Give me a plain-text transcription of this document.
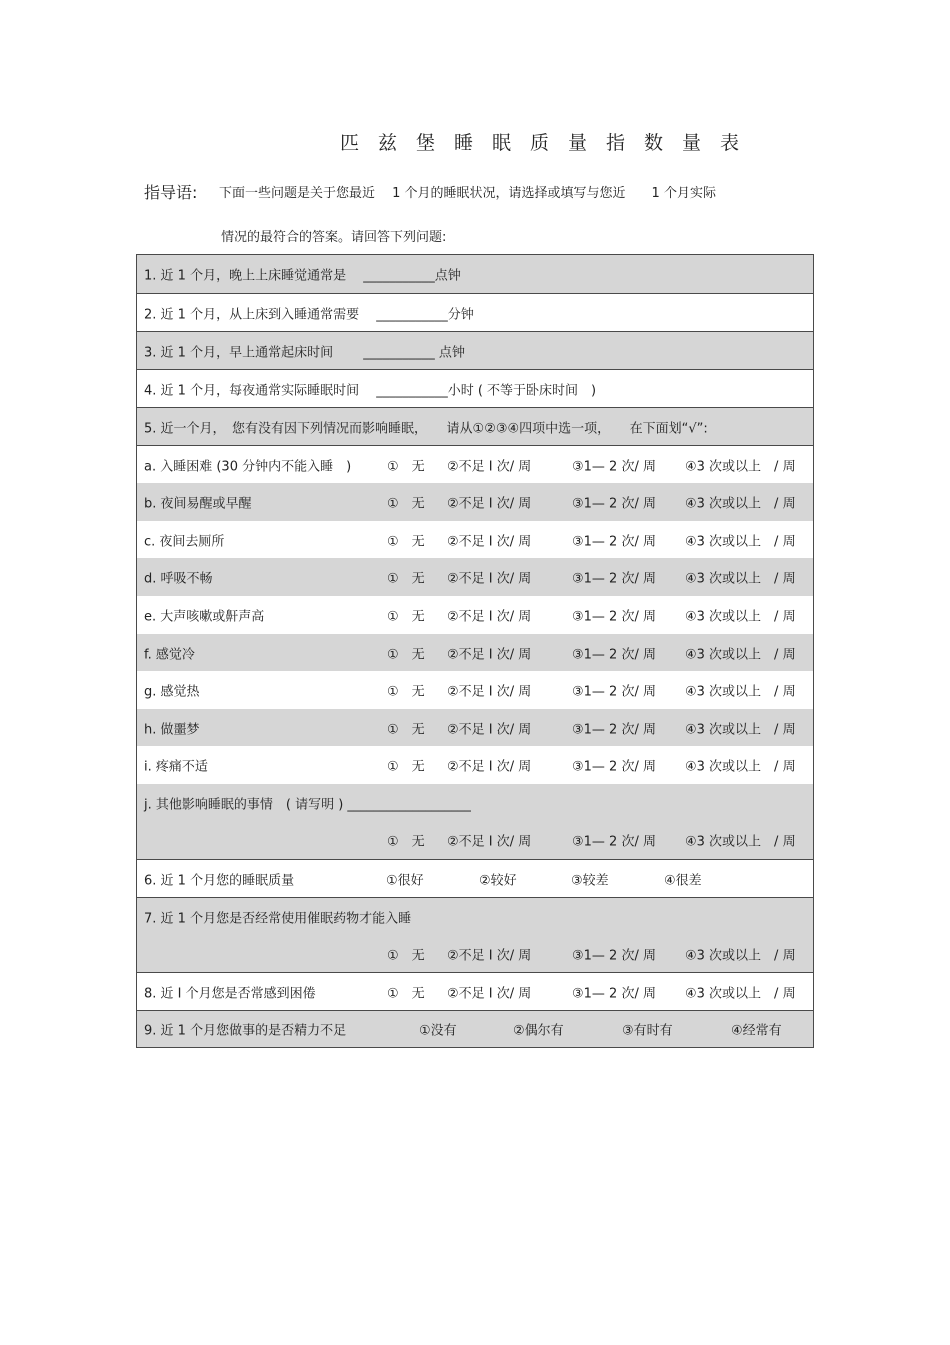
匹兹堡睡眠质量指数量表
指导语: 下面一些问题是关于您最近　 1 个月的睡眠状况，请选择或填写与您近　　1 个月实际
情况的最符合的答案。请回答下列问题:
1. 近 1 个月，晚上上床睡觉通常是　 ___________点钟
2. 近 1 个月，从上床到入睡通常需要　 ___________分钟
3. 近 1 个月，早上通常起床时间　　 ___________ 点钟
4. 近 1 个月，每夜通常实际睡眠时间　 ___________小时 ( 不等于卧床时间　)
5. 近一个月，　您有没有因下列情况而影响睡眠，　　请从①②③④四项中选一项，　　在下面划“√”:
a. 入睡困难 (30 分钟内不能入睡　)	①　无 ②不足 Ⅰ 次/ 周	③1— 2 次/ 周 ④3 次或以上　/ 周
b. 夜间易醒或早醒	①　无 ②不足 Ⅰ 次/ 周	③1— 2 次/ 周 ④3 次或以上　/ 周
c. 夜间去厕所	①　无 ②不足 Ⅰ 次/ 周	③1— 2 次/ 周 ④3 次或以上　/ 周
d. 呼吸不畅	①　无 ②不足 Ⅰ 次/ 周	③1— 2 次/ 周 ④3 次或以上　/ 周
e. 大声咳嗽或鼾声高	①　无 ②不足 Ⅰ 次/ 周	③1— 2 次/ 周 ④3 次或以上　/ 周
f. 感觉冷	①　无 ②不足 Ⅰ 次/ 周	③1— 2 次/ 周 ④3 次或以上　/ 周
g. 感觉热	①　无 ②不足 Ⅰ 次/ 周	③1— 2 次/ 周 ④3 次或以上　/ 周
h. 做噩梦	①　无 ②不足 Ⅰ 次/ 周	③1— 2 次/ 周 ④3 次或以上　/ 周
i. 疼痛不适	①　无 ②不足 Ⅰ 次/ 周	③1— 2 次/ 周 ④3 次或以上　/ 周
j. 其他影响睡眠的事情　( 请写明 ) ___________________
①　无 ②不足 Ⅰ 次/ 周	③1— 2 次/ 周 ④3 次或以上　/ 周
6. 近 1 个月您的睡眠质量	①很好	②较好	③较差	④很差
7. 近 1 个月您是否经常使用催眠药物才能入睡
①　无 ②不足 Ⅰ 次/ 周	③1— 2 次/ 周 ④3 次或以上　/ 周
8. 近 Ⅰ 个月您是否常感到困倦	①　无 ②不足 Ⅰ 次/ 周	③1— 2 次/ 周 ④3 次或以上　/ 周
9. 近 1 个月您做事的是否精力不足	①没有	②偶尔有	③有时有	④经常有
